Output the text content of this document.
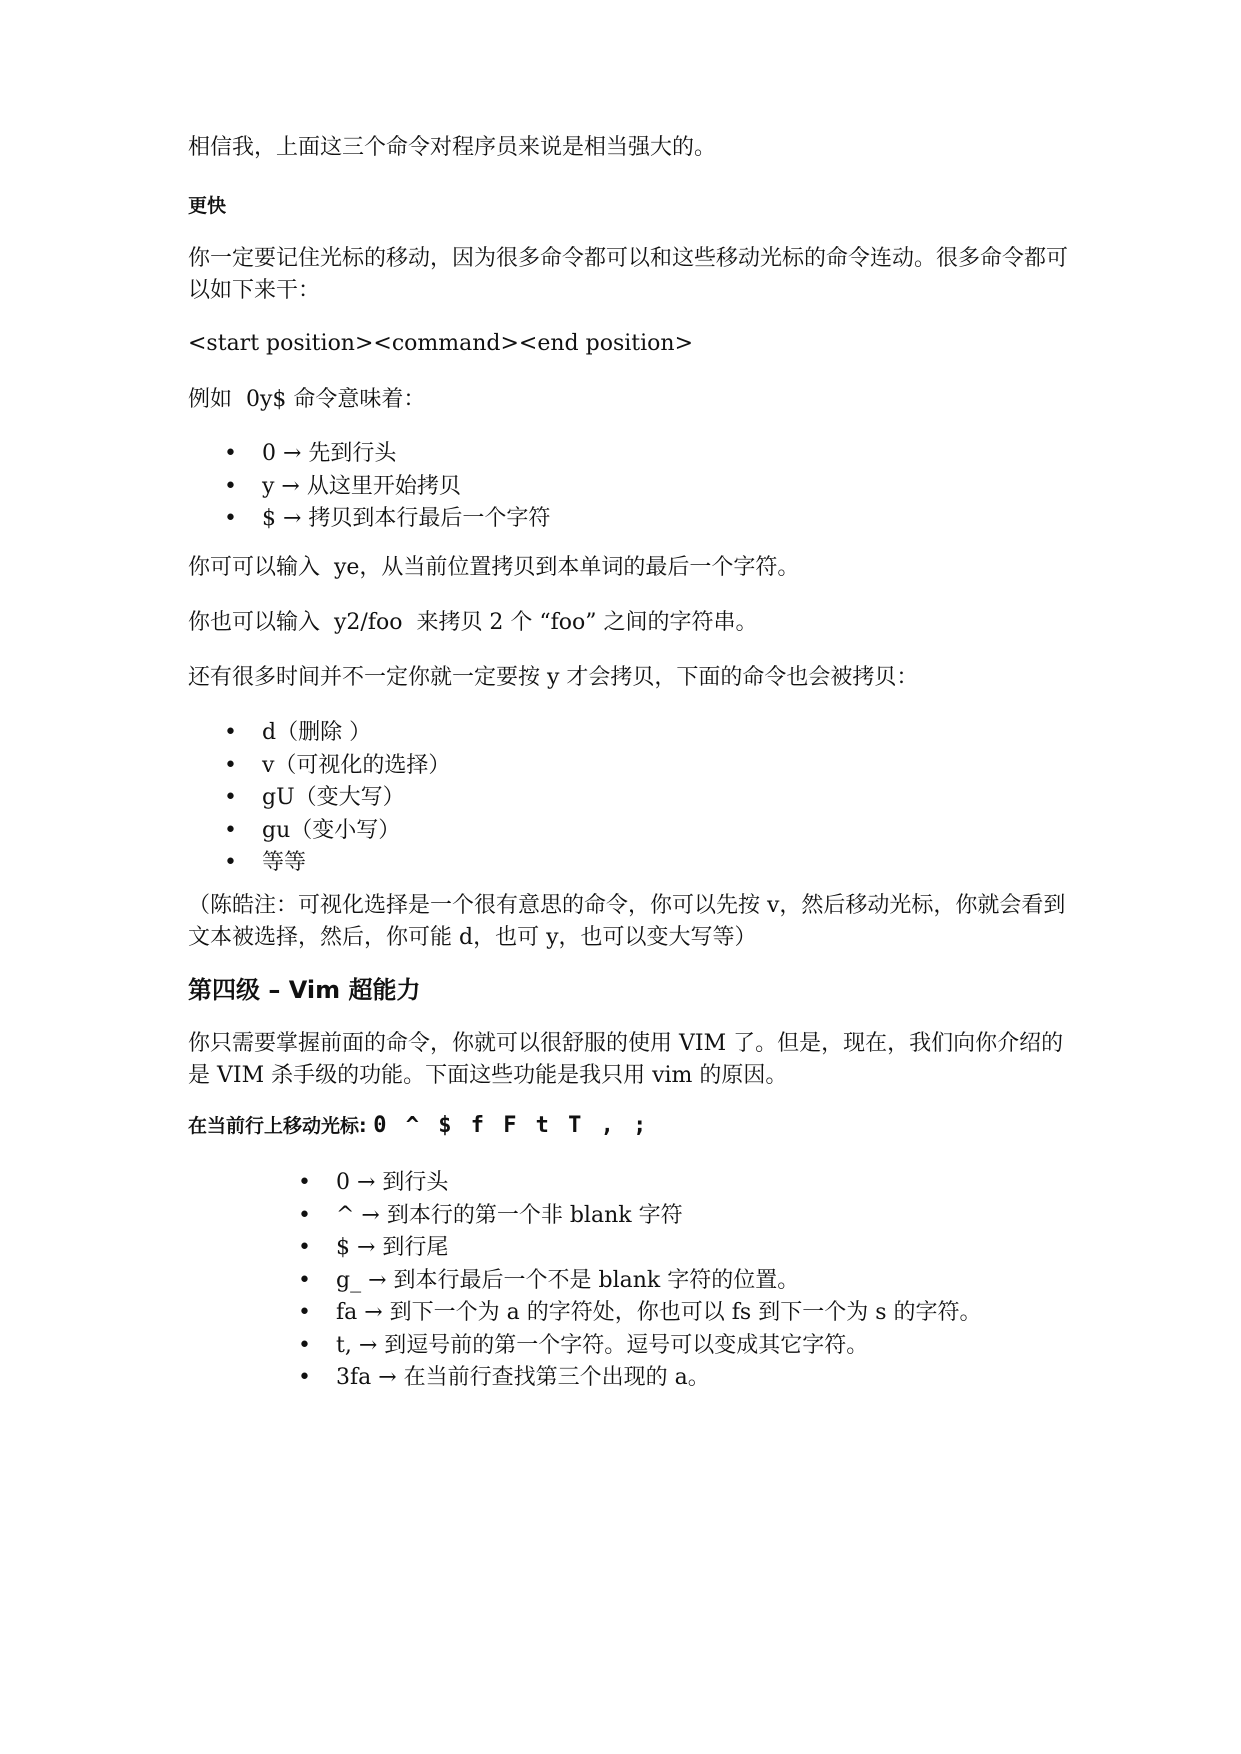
相信我，上面这三个命令对程序员来说是相当强大的。

更快

你一定要记住光标的移动，因为很多命令都可以和这些移动光标的命令连动。很多命令都可以如下来干：

<start position><command><end position>

例如  0y$ 命令意味着：

• 0 → 先到行头
• y → 从这里开始拷贝
• $ → 拷贝到本行最后一个字符

你可可以输入  ye，从当前位置拷贝到本单词的最后一个字符。

你也可以输入  y2/foo  来拷贝 2 个 “foo” 之间的字符串。

还有很多时间并不一定你就一定要按 y 才会拷贝，下面的命令也会被拷贝：

• d（删除 ）
• v（可视化的选择）
• gU（变大写）
• gu（变小写）
• 等等

（陈皓注：可视化选择是一个很有意思的命令，你可以先按 v，然后移动光标，你就会看到文本被选择，然后，你可能 d，也可 y，也可以变大写等）

第四级 – Vim 超能力

你只需要掌握前面的命令，你就可以很舒服的使用 VIM 了。但是，现在，我们向你介绍的是 VIM 杀手级的功能。下面这些功能是我只用 vim 的原因。

在当前行上移动光标: 0 ^ $ f F t T , ;

• 0 → 到行头
• ^ → 到本行的第一个非 blank 字符
• $ → 到行尾
• g_ → 到本行最后一个不是 blank 字符的位置。
• fa → 到下一个为 a 的字符处，你也可以 fs 到下一个为 s 的字符。
• t, → 到逗号前的第一个字符。逗号可以变成其它字符。
• 3fa → 在当前行查找第三个出现的 a。
